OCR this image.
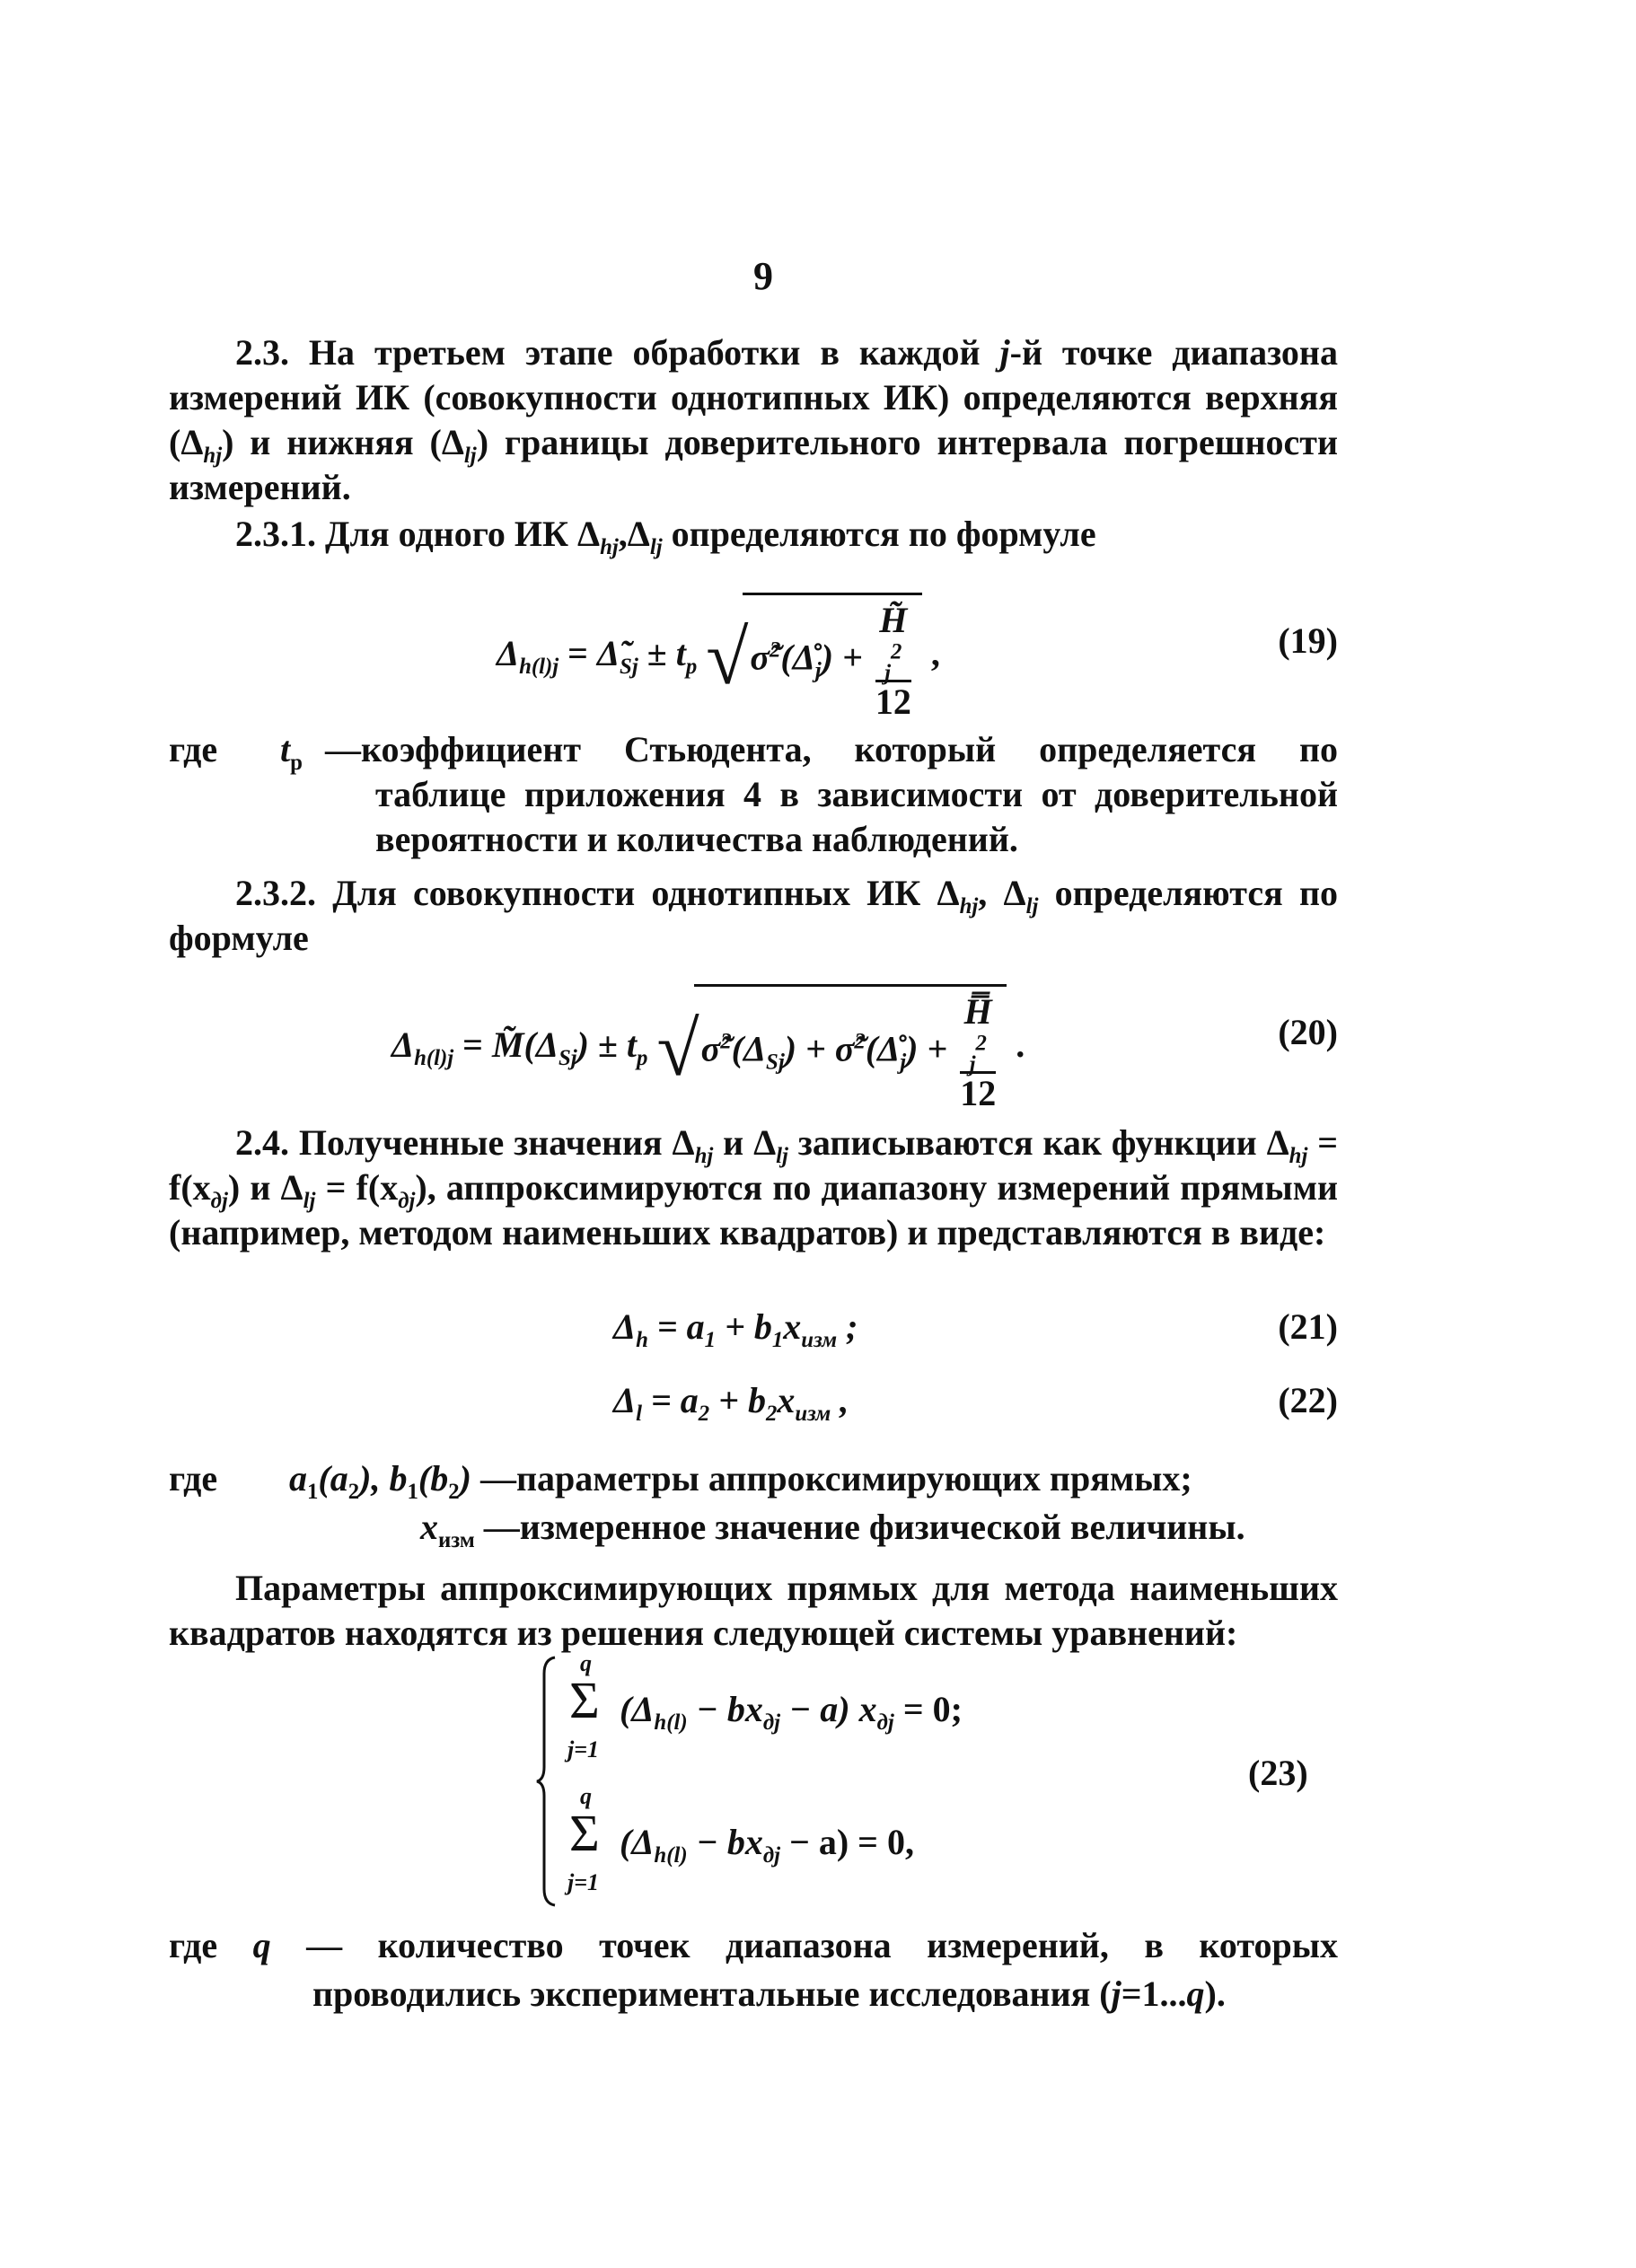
9
2.3. На третьем этапе обработки в каждой j-й точке диапазона измерений ИК (совокупности однотипных ИК) определяются верхняя $(\Delta_{hj})$ и нижняя $(\Delta_{lj})$ границы доверительного интервала погрешности измерений.
2.3.1. Для одного ИК $\Delta_{hj},\Delta_{lj}$ определяются по формуле
$\Delta_{h(l)j}$ = $\Deltã_{Sj} \pm t_p$ $√\sigmã^2(\Deltå_j)$ + H̃
$_j^2$
12 ,	(19)
где $t_р$ —коэффициент Стьюдента, который определяется по
таблице приложения 4 в зависимости от доверительной
вероятности и количества наблюдений.
2.3.2. Для совокупности однотипных ИК $\Delta_{hj}$, $\Delta_{lj}$ определяются по формуле
$\Delta_{h(l)j}$ = $M̃(\Delta_{Sj}) \pm t_p$ $√\sigmã^2(\Delta_{Sj})$ + $\sigmã^2(\Deltå_j)$ + H̿
$_j^2$
12 .	(20)
2.4. Полученные значения $\Delta_{hj}$ и $\Delta_{lj}$ записываются как функции $\Delta_{hj} = f(x_{дj})$ и $\Delta_{lj} = f(x_{дj})$, аппроксимируются по диапазону измерений прямыми (например, методом наименьших квадратов) и представляются в виде:
$\Delta_h = a_1 + b_1x_{изм}$ ;	(21)
$\Delta_l = a_2 + b_2x_{изм}$ ,	(22)
где $a_1(a_2)$, $b_1(b_2)$ —параметры аппроксимирующих прямых;
$x_{изм}$ —измеренное значение физической величины.
Параметры аппроксимирующих прямых для метода наименьших квадратов находятся из решения следующей системы уравнений:
q
Σ
j=1
$(\Delta_{h(l)} - bx_{дj} - a) x_{дj} = 0$;
q
Σ
j=1
$(\Delta_{h(l)} - bx_{дj} - a) = 0$,
(23)
где q — количество точек диапазона измерений, в которых
проводились экспериментальные исследования (j=1...q).
